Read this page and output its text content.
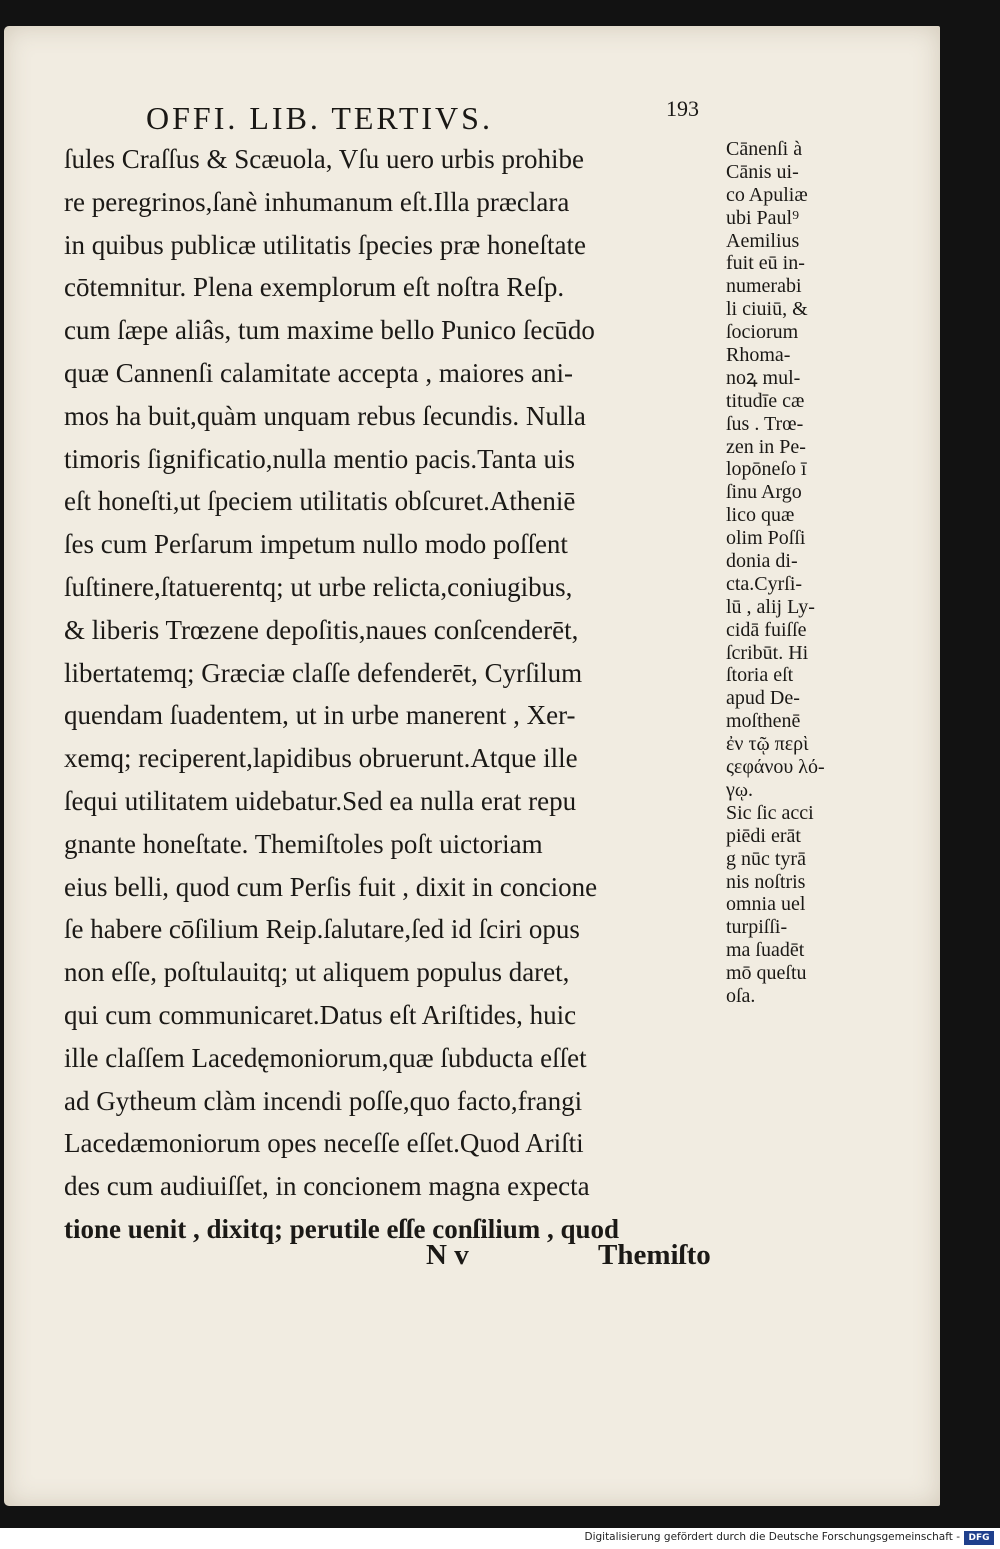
OFFI. LIB. TERTIVS.	193
ſules Craſſus & Scæuola, Vſu uero urbis prohibe
re peregrinos,ſanè inhumanum eſt.Illa præclara
in quibus publicæ utilitatis ſpecies præ honeſtate
cōtemnitur. Plena exemplorum eſt noſtra Reſp.
cum ſæpe aliâs, tum maxime bello Punico ſecūdo
quæ Cannenſi calamitate accepta , maiores ani-
mos ha buit,quàm unquam rebus ſecundis. Nulla
timoris ſignificatio,nulla mentio pacis.Tanta uis
eſt honeſti,ut ſpeciem utilitatis obſcuret.Atheniē
ſes cum Perſarum impetum nullo modo poſſent
ſuſtinere,ſtatuerentq; ut urbe relicta,coniugibus,
& liberis Trœzene depoſitis,naues conſcenderēt,
libertatemq; Græciæ claſſe defenderēt, Cyrſilum
quendam ſuadentem, ut in urbe manerent , Xer-
xemq; reciperent,lapidibus obruerunt.Atque ille
ſequi utilitatem uidebatur.Sed ea nulla erat repu
gnante honeſtate. Themiſtoles poſt uictoriam
eius belli, quod cum Perſis fuit , dixit in concione
ſe habere cōſilium Reip.ſalutare,ſed id ſciri opus
non eſſe, poſtulauitq; ut aliquem populus daret,
qui cum communicaret.Datus eſt Ariſtides, huic
ille claſſem Lacedęmoniorum,quæ ſubducta eſſet
ad Gytheum clàm incendi poſſe,quo facto,frangi
Lacedæmoniorum opes neceſſe eſſet.Quod Ariſti
des cum audiuiſſet, in concionem magna expecta
tione uenit , dixitq; perutile eſſe conſilium , quod
Cānenſi à
Cānis ui-
co Apuliæ
ubi Paul⁹
Aemilius
fuit eū in-
numerabi
li ciuiū, &
ſociorum
Rhoma-
noꝝ mul-
titudīe cæ
ſus . Trœ-
zen in Pe-
lopōneſo ī
ſinu Argo
lico quæ
olim Poſſi
donia di-
cta.Cyrſi-
lū , alij Ly-
cidā fuiſſe
ſcribūt. Hi
ſtoria eſt
apud De-
moſthenē
ἐν τῷ περὶ
ςεφάνου λό-
γῳ.
Sic ſic acci
piēdi erāt
g nūc tyrā
nis noſtris
omnia uel
turpiſſi-
ma ſuadēt
mō queſtu
oſa.
N v	Themiſto
Digitalisierung gefördert durch die Deutsche Forschungsgemeinschaft - DFG
